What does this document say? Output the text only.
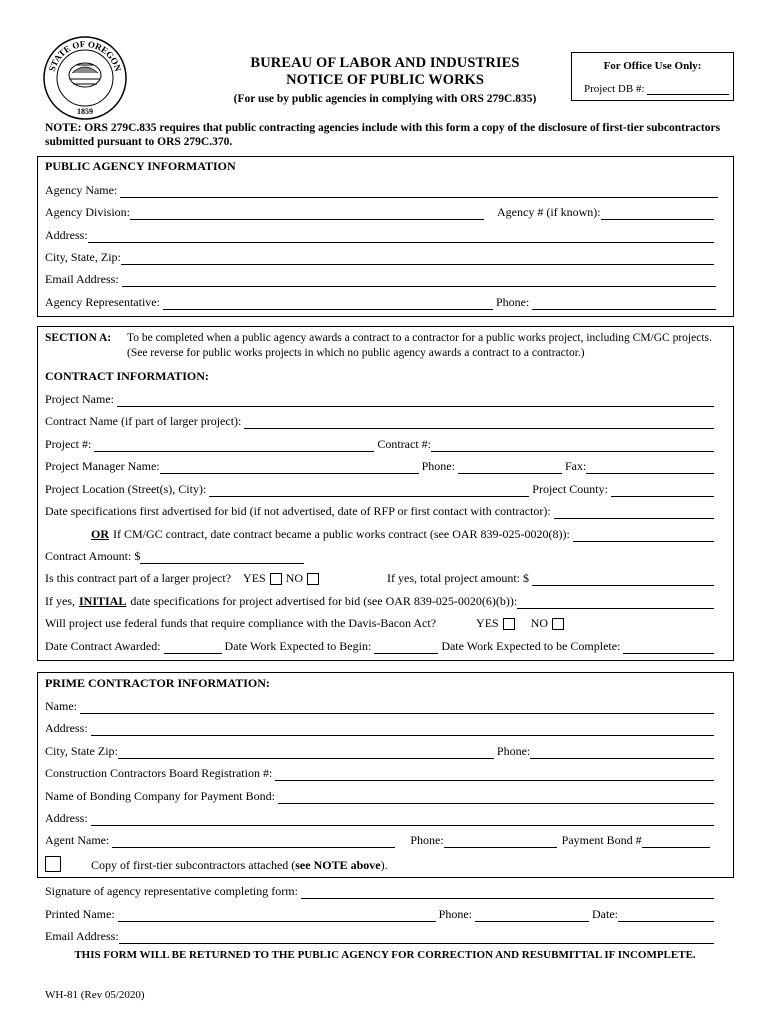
STATE OF OREGON
1859
BUREAU OF LABOR AND INDUSTRIES
NOTICE OF PUBLIC WORKS
(For use by public agencies in complying with ORS 279C.835)
For Office Use Only:
Project DB #:
NOTE: ORS 279C.835 requires that public contracting agencies include with this form a copy of the disclosure of first-tier subcontractors submitted pursuant to ORS 279C.370.
PUBLIC AGENCY INFORMATION
Agency Name:
Agency Division:	Agency # (if known):
Address:
City, State, Zip:
Email Address:
Agency Representative:	Phone:
SECTION A:	To be completed when a public agency awards a contract to a contractor for a public works project, including CM/GC projects. (See reverse for public works projects in which no public agency awards a contract to a contractor.)
CONTRACT INFORMATION:
Project Name:
Contract Name (if part of larger project):
Project #:	Contract #:
Project Manager Name:	Phone:	Fax:
Project Location (Street(s), City):	Project County:
Date specifications first advertised for bid (if not advertised, date of RFP or first contact with contractor):
OR If CM/GC contract, date contract became a public works contract (see OAR 839-025-0020(8)):
Contract Amount: $
Is this contract part of a larger project? YES NO	If yes, total project amount: $
If yes, INITIAL date specifications for project advertised for bid (see OAR 839-025-0020(6)(b)):
Will project use federal funds that require compliance with the Davis-Bacon Act?	YES	NO
Date Contract Awarded:	Date Work Expected to Begin:	Date Work Expected to be Complete:
PRIME CONTRACTOR INFORMATION:
Name:
Address:
City, State Zip:	Phone:
Construction Contractors Board Registration #:
Name of Bonding Company for Payment Bond:
Address:
Agent Name:	Phone:	Payment Bond #
Copy of first-tier subcontractors attached (see NOTE above).
Signature of agency representative completing form:
Printed Name:	Phone:	Date:
Email Address:
THIS FORM WILL BE RETURNED TO THE PUBLIC AGENCY FOR CORRECTION AND RESUBMITTAL IF INCOMPLETE.
WH-81 (Rev 05/2020)
